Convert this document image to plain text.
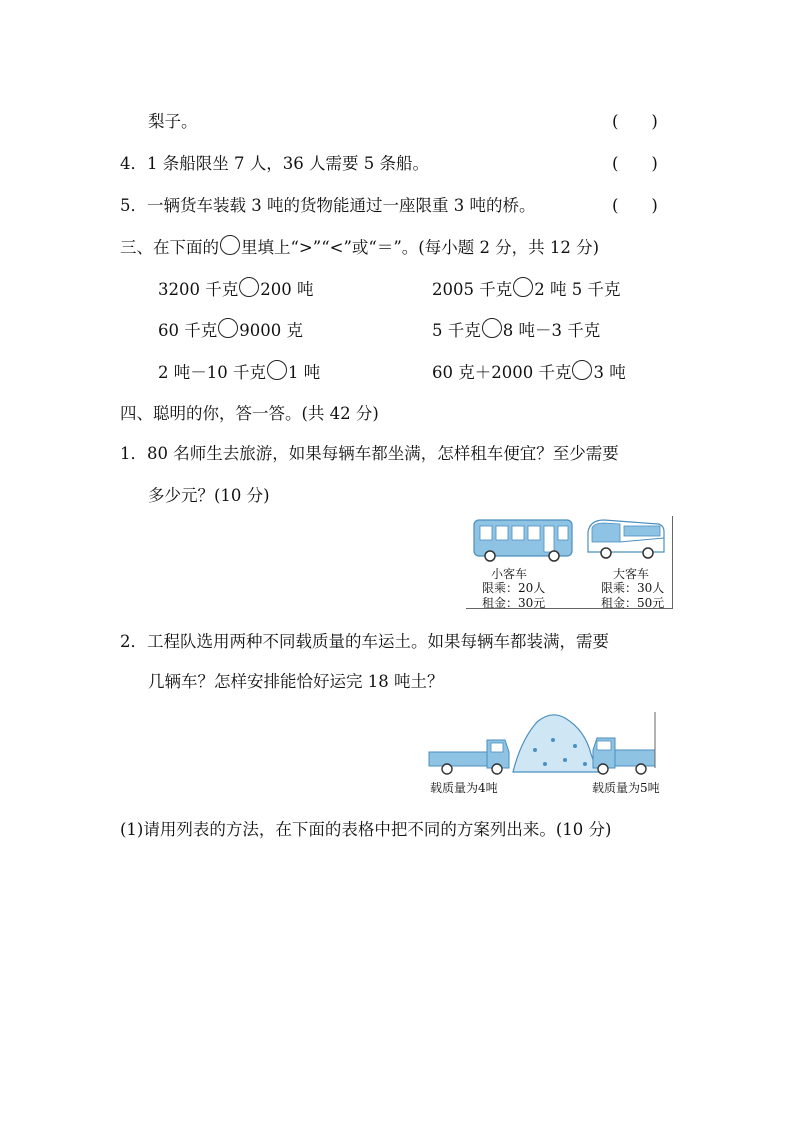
梨子。	(　　)
4．1 条船限坐 7 人，36 人需要 5 条船。	(　　)
5．一辆货车装载 3 吨的货物能通过一座限重 3 吨的桥。	(　　)
三、在下面的 里填上“>”“<”或“＝”。(每小题 2 分，共 12 分)
3200 千克 200 吨	2005 千克 2 吨 5 千克
60 千克 9000 克	5 千克 8 吨－3 千克
2 吨－10 千克 1 吨	60 克＋2000 千克 3 吨
四、聪明的你，答一答。(共 42 分)
1．80 名师生去旅游，如果每辆车都坐满，怎样租车便宜？至少需要
多少元？(10 分)
小客车
限乘：20人
租金：30元
大客车
限乘：30人
租金：50元
2．工程队选用两种不同载质量的车运土。如果每辆车都装满，需要
几辆车？怎样安排能恰好运完 18 吨土？
载质量为4吨	载质量为5吨
(1)请用列表的方法，在下面的表格中把不同的方案列出来。(10 分)
